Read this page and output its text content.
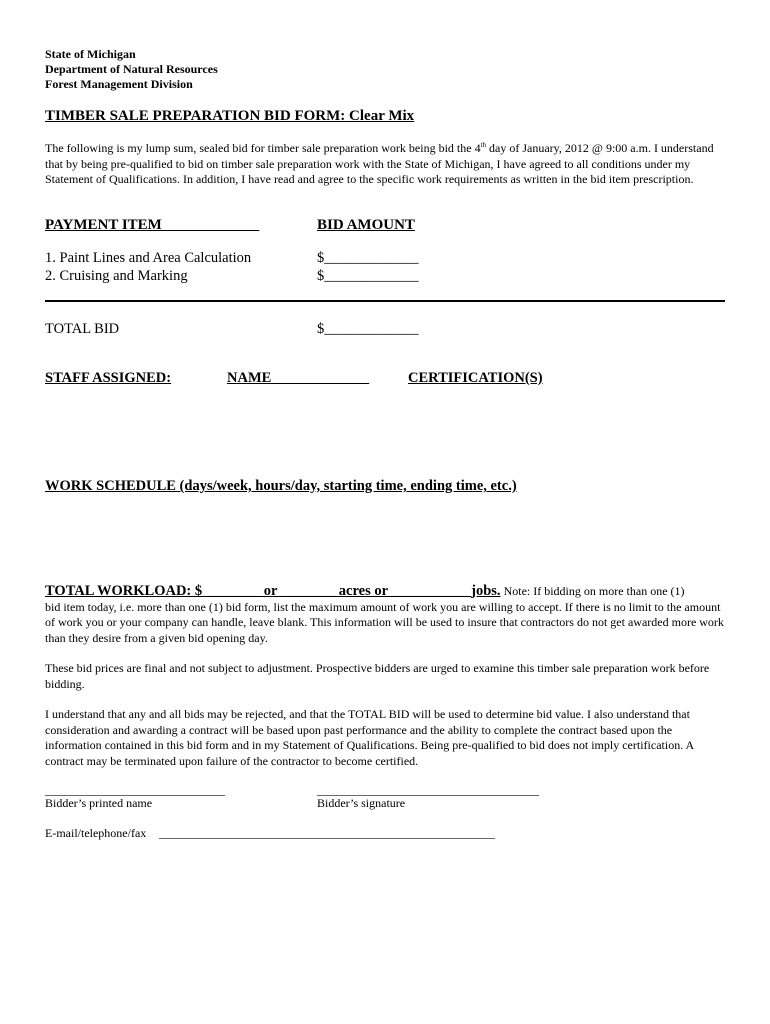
State of Michigan
Department of Natural Resources
Forest Management Division
TIMBER SALE PREPARATION BID FORM: Clear Mix
The following is my lump sum, sealed bid for timber sale preparation work being bid the 4th day of January, 2012 @ 9:00 a.m. I understand that by being pre-qualified to bid on timber sale preparation work with the State of Michigan, I have agreed to all conditions under my Statement of Qualifications. In addition, I have read and agree to the specific work requirements as written in the bid item prescription.
PAYMENT ITEM	BID AMOUNT
1. Paint Lines and Area Calculation	$_____________
2. Cruising and Marking	$_____________
TOTAL BID	$_____________
STAFF ASSIGNED:	NAME	CERTIFICATION(S)
WORK SCHEDULE (days/week, hours/day, starting time, ending time, etc.)
TOTAL WORKLOAD: $________ or ________acres or ___________jobs. Note: If bidding on more than one (1)
bid item today, i.e. more than one (1) bid form, list the maximum amount of work you are willing to accept. If there is no limit to the amount of work you or your company can handle, leave blank. This information will be used to insure that contractors do not get awarded more work than they desire from a given bid opening day.
These bid prices are final and not subject to adjustment. Prospective bidders are urged to examine this timber sale preparation work before bidding.
I understand that any and all bids may be rejected, and that the TOTAL BID will be used to determine bid value. I also understand that consideration and awarding a contract will be based upon past performance and the ability to complete the contract based upon the information contained in this bid form and in my Statement of Qualifications. Being pre-qualified to bid does not imply certification. A contract may be terminated upon failure of the contractor to become certified.
______________________________
Bidder’s printed name
_____________________________________
Bidder’s signature
E-mail/telephone/fax ________________________________________________________
